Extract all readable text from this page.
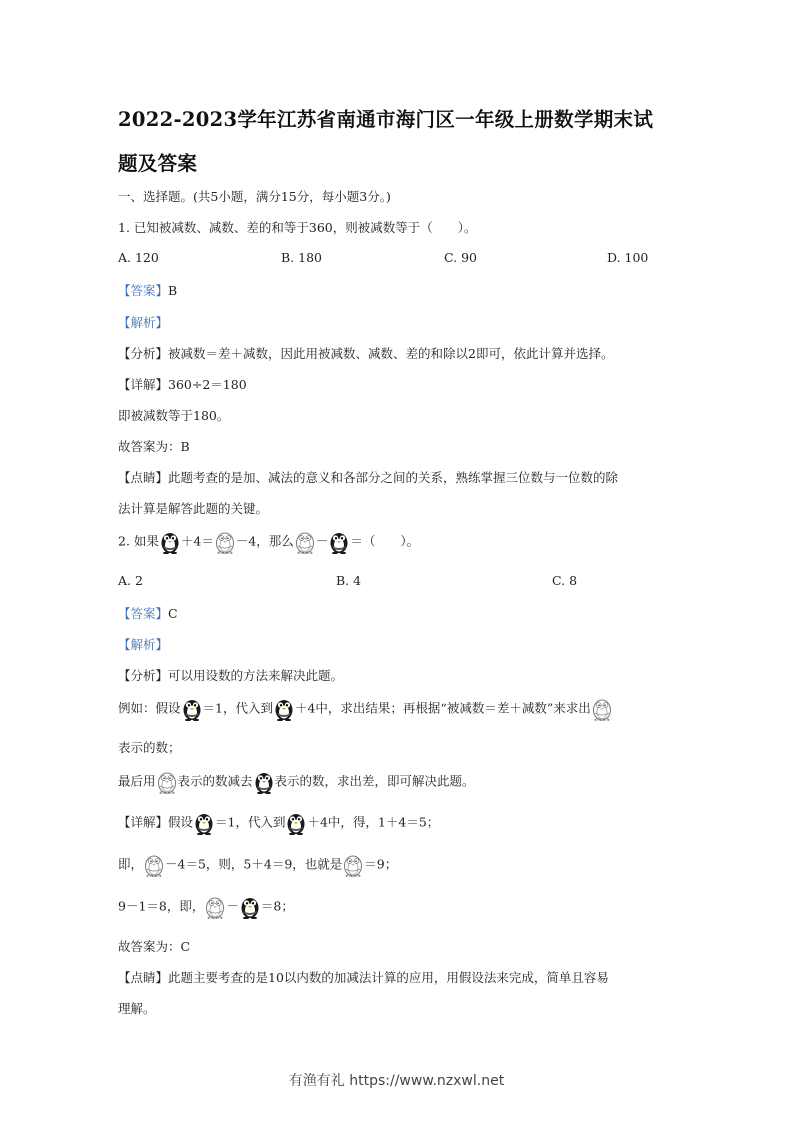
2022-2023学年江苏省南通市海门区一年级上册数学期末试
题及答案
一、选择题。(共5小题，满分15分，每小题3分。)
1. 已知被减数、减数、差的和等于360，则被减数等于（　　）。
A. 120	B. 180	C. 90	D. 100
【答案】B
【解析】
【分析】被减数＝差＋减数，因此用被减数、减数、差的和除以2即可，依此计算并选择。
【详解】360÷2＝180
即被减数等于180。
故答案为：B
【点睛】此题考查的是加、减法的意义和各部分之间的关系，熟练掌握三位数与一位数的除
法计算是解答此题的关键。
2. 如果 ＋4＝ －4，那么 － ＝（　　）。
A. 2	B. 4	C. 8
【答案】C
【解析】
【分析】可以用设数的方法来解决此题。
例如：假设 ＝1，代入到 ＋4中，求出结果；再根据“被减数＝差＋减数”来求出
表示的数；
最后用 表示的数减去 表示的数，求出差，即可解决此题。
【详解】假设 ＝1，代入到 ＋4中，得，1＋4＝5；
即， －4＝5，则，5＋4＝9，也就是 ＝9；
9－1＝8，即， － ＝8；
故答案为：C
【点睛】此题主要考查的是10以内数的加减法计算的应用，用假设法来完成，简单且容易
理解。
有渔有礼 https://www.nzxwl.net
